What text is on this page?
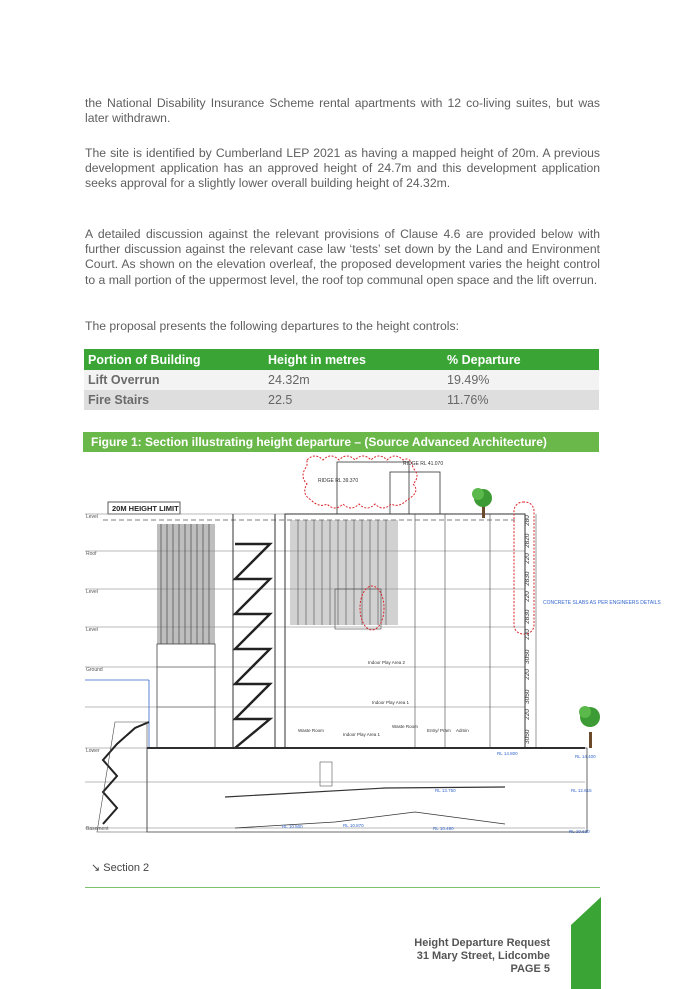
the National Disability Insurance Scheme rental apartments with 12 co-living suites, but was later withdrawn.

The site is identified by Cumberland LEP 2021 as having a mapped height of 20m. A previous development application has an approved height of 24.7m and this development application seeks approval for a slightly lower overall building height of 24.32m.

A detailed discussion against the relevant provisions of Clause 4.6 are provided below with further discussion against the relevant case law ‘tests’ set down by the Land and Environment Court. As shown on the elevation overleaf, the proposed development varies the height control to a mall portion of the uppermost level, the roof top communal open space and the lift overrun.

The proposal presents the following departures to the height controls:

Portion of Building	Height in metres	% Departure
Lift Overrun	24.32m	19.49%
Fire Stairs	22.5	11.76%
Figure 1: Section illustrating height departure – (Source Advanced Architecture)
20M HEIGHT LIMIT
Level
Roof
Level
Level
Ground
Lower
Basement
RIDGE RL 41.070
RIDGE RL 39.370
280
2820
220
2830
220
2830
220
3050
220
3050
220
3050
CONCRETE SLABS AS PER ENGINEERS DETAILS
Indoor Play Area 2
Indoor Play Area 1
Indoor Play Area 1
Waste Room
Waste Room
Entry/ Pram Admin
RL 14.800
RL 14.400
RL 13.750	RL 12.615
RL 10.870
RL 10.490
RL 10.500
RL 10.630
↘ Section 2
Height Departure Request
31 Mary Street, Lidcombe
PAGE 5
